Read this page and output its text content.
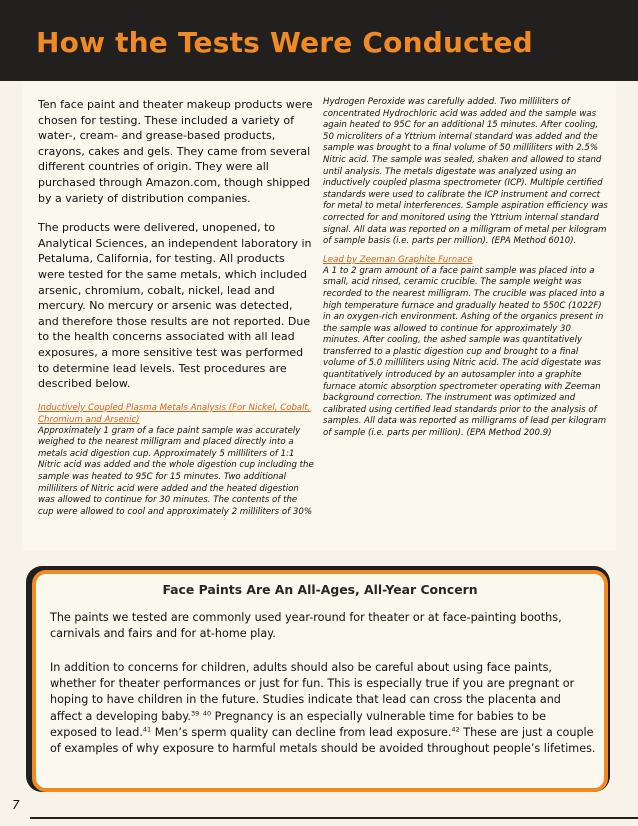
How the Tests Were Conducted

Ten face paint and theater makeup products were chosen for testing. These included a variety of water-, cream- and grease-based products, crayons, cakes and gels. They came from several different countries of origin. They were all purchased through Amazon.com, though shipped by a variety of distribution companies.

The products were delivered, unopened, to Analytical Sciences, an independent laboratory in Petaluma, California, for testing. All products were tested for the same metals, which included arsenic, chromium, cobalt, nickel, lead and mercury. No mercury or arsenic was detected, and therefore those results are not reported. Due to the health concerns associated with all lead exposures, a more sensitive test was performed to determine lead levels. Test procedures are described below.

Inductively Coupled Plasma Metals Analysis (For Nickel, Cobalt, Chromium and Arsenic)

Approximately 1 gram of a face paint sample was accurately weighed to the nearest milligram and placed directly into a metals acid digestion cup. Approximately 5 milliliters of 1:1 Nitric acid was added and the whole digestion cup including the sample was heated to 95C for 15 minutes. Two additional milliliters of Nitric acid were added and the heated digestion was allowed to continue for 30 minutes. The contents of the cup were allowed to cool and approximately 2 milliliters of 30%

Hydrogen Peroxide was carefully added. Two milliliters of concentrated Hydrochloric acid was added and the sample was again heated to 95C for an additional 15 minutes. After cooling, 50 microliters of a Yttrium internal standard was added and the sample was brought to a final volume of 50 milliliters with 2.5% Nitric acid. The sample was sealed, shaken and allowed to stand until analysis. The metals digestate was analyzed using an inductively coupled plasma spectrometer (ICP). Multiple certified standards were used to calibrate the ICP instrument and correct for metal to metal interferences. Sample aspiration efficiency was corrected for and monitored using the Yttrium internal standard signal. All data was reported on a milligram of metal per kilogram of sample basis (i.e. parts per million). (EPA Method 6010).

Lead by Zeeman Graphite Furnace

A 1 to 2 gram amount of a face paint sample was placed into a small, acid rinsed, ceramic crucible. The sample weight was recorded to the nearest milligram. The crucible was placed into a high temperature furnace and gradually heated to 550C (1022F) in an oxygen-rich environment. Ashing of the organics present in the sample was allowed to continue for approximately 30 minutes. After cooling, the ashed sample was quantitatively transferred to a plastic digestion cup and brought to a final volume of 5.0 milliliters using Nitric acid. The acid digestate was quantitatively introduced by an autosampler into a graphite furnace atomic absorption spectrometer operating with Zeeman background correction. The instrument was optimized and calibrated using certified lead standards prior to the analysis of samples. All data was reported as milligrams of lead per kilogram of sample (i.e. parts per million). (EPA Method 200.9)

Face Paints Are An All-Ages, All-Year Concern

The paints we tested are commonly used year-round for theater or at face-painting booths, carnivals and fairs and for at-home play.

In addition to concerns for children, adults should also be careful about using face paints, whether for theater performances or just for fun. This is especially true if you are pregnant or hoping to have children in the future. Studies indicate that lead can cross the placenta and affect a developing baby.$^{39}$ $^{40}$ Pregnancy is an especially vulnerable time for babies to be exposed to lead.$^{41}$ Men’s sperm quality can decline from lead exposure.$^{42}$ These are just a couple of examples of why exposure to harmful metals should be avoided throughout people’s lifetimes.

7
